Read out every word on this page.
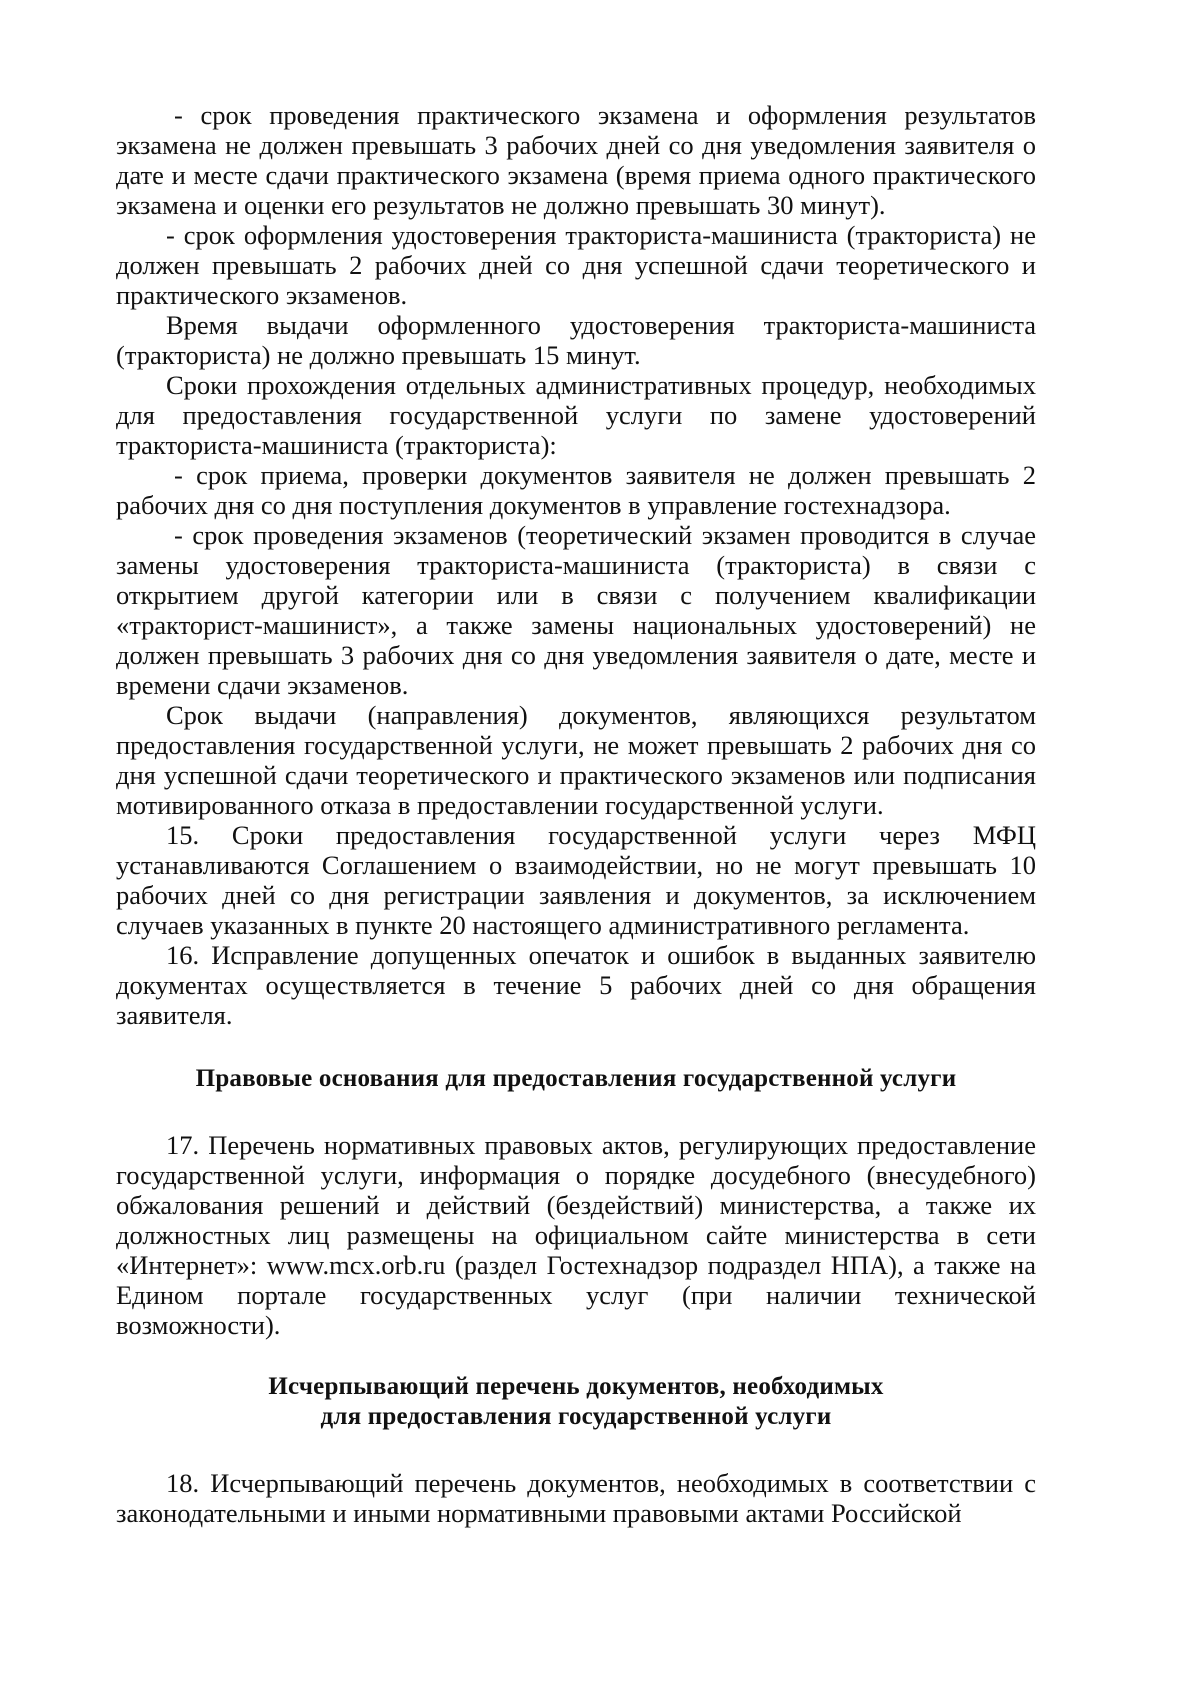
- срок проведения практического экзамена и оформления результатов экзамена не должен превышать 3 рабочих дней со дня уведомления заявителя о дате и месте сдачи практического экзамена (время приема одного практического экзамена и оценки его результатов не должно превышать 30 минут).

- срок оформления удостоверения тракториста-машиниста (тракториста) не должен превышать 2 рабочих дней со дня успешной сдачи теоретического и практического экзаменов.

Время выдачи оформленного удостоверения тракториста-машиниста (тракториста) не должно превышать 15 минут.

Сроки прохождения отдельных административных процедур, необходимых для предоставления государственной услуги по замене удостоверений тракториста-машиниста (тракториста):

- срок приема, проверки документов заявителя не должен превышать 2 рабочих дня со дня поступления документов в управление гостехнадзора.

- срок проведения экзаменов (теоретический экзамен проводится в случае замены удостоверения тракториста-машиниста (тракториста) в связи с открытием другой категории или в связи с получением квалификации «тракторист-машинист», а также замены национальных удостоверений) не должен превышать 3 рабочих дня со дня уведомления заявителя о дате, месте и времени сдачи экзаменов.

Срок выдачи (направления) документов, являющихся результатом предоставления государственной услуги, не может превышать 2 рабочих дня со дня успешной сдачи теоретического и практического экзаменов или подписания мотивированного отказа в предоставлении государственной услуги.

15. Сроки предоставления государственной услуги через МФЦ устанавливаются Соглашением о взаимодействии, но не могут превышать 10 рабочих дней со дня регистрации заявления и документов, за исключением случаев указанных в пункте 20 настоящего административного регламента.

16. Исправление допущенных опечаток и ошибок в выданных заявителю документах осуществляется в течение 5 рабочих дней со дня обращения заявителя.

Правовые основания для предоставления государственной услуги

17. Перечень нормативных правовых актов, регулирующих предоставление государственной услуги, информация о порядке досудебного (внесудебного) обжалования решений и действий (бездействий) министерства, а также их должностных лиц размещены на официальном сайте министерства в сети «Интернет»: www.mcx.orb.ru (раздел Гостехнадзор подраздел НПА), а также на Едином портале государственных услуг (при наличии технической возможности).

Исчерпывающий перечень документов, необходимых
для предоставления государственной услуги

18. Исчерпывающий перечень документов, необходимых в соответствии с законодательными и иными нормативными правовыми актами Российской
